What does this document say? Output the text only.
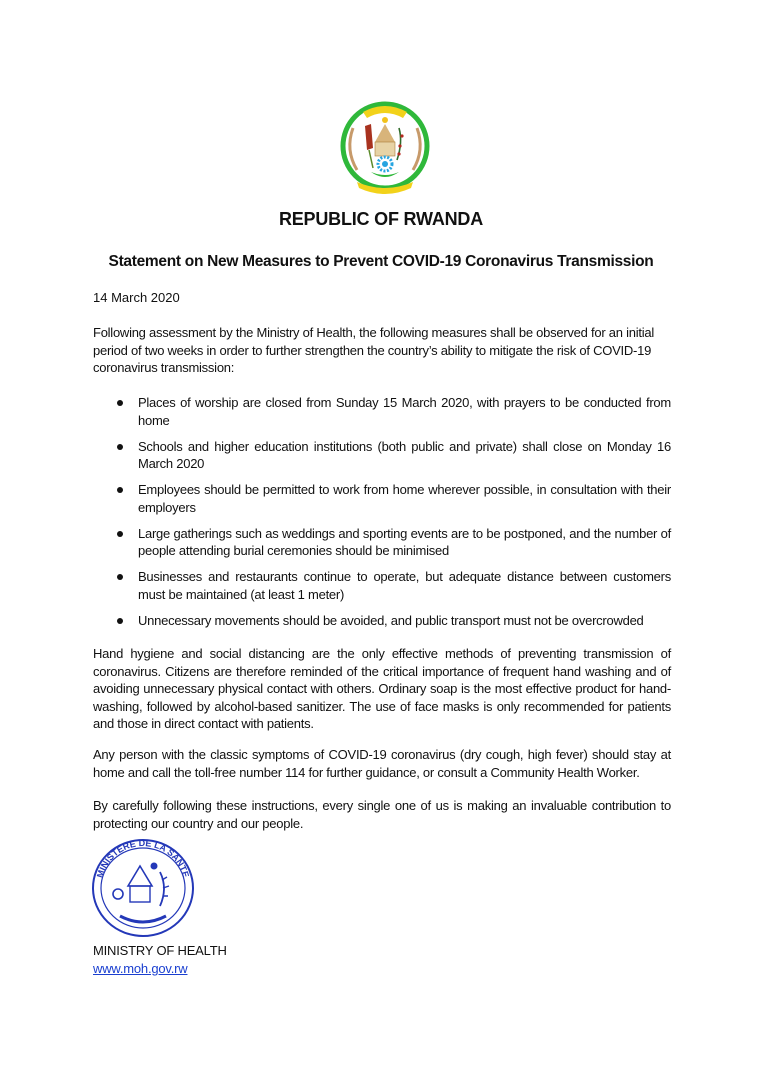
REPUBLIC OF RWANDA
Statement on New Measures to Prevent COVID-19 Coronavirus Transmission
14 March 2020
Following assessment by the Ministry of Health, the following measures shall be observed for an initial period of two weeks in order to further strengthen the country’s ability to mitigate the risk of COVID-19 coronavirus transmission:
Places of worship are closed from Sunday 15 March 2020, with prayers to be conducted from home
Schools and higher education institutions (both public and private) shall close on Monday 16 March 2020
Employees should be permitted to work from home wherever possible, in consultation with their employers
Large gatherings such as weddings and sporting events are to be postponed, and the number of people attending burial ceremonies should be minimised
Businesses and restaurants continue to operate, but adequate distance between customers must be maintained (at least 1 meter)
Unnecessary movements should be avoided, and public transport must not be overcrowded
Hand hygiene and social distancing are the only effective methods of preventing transmission of coronavirus. Citizens are therefore reminded of the critical importance of frequent hand washing and of avoiding unnecessary physical contact with others. Ordinary soap is the most effective product for hand-washing, followed by alcohol-based sanitizer. The use of face masks is only recommended for patients and those in direct contact with patients.
Any person with the classic symptoms of COVID-19 coronavirus (dry cough, high fever) should stay at home and call the toll-free number 114 for further guidance, or consult a Community Health Worker.
By carefully following these instructions, every single one of us is making an invaluable contribution to protecting our country and our people.
MINISTERE DE LA SANTE
MINISTRY OF HEALTH
www.moh.gov.rw
